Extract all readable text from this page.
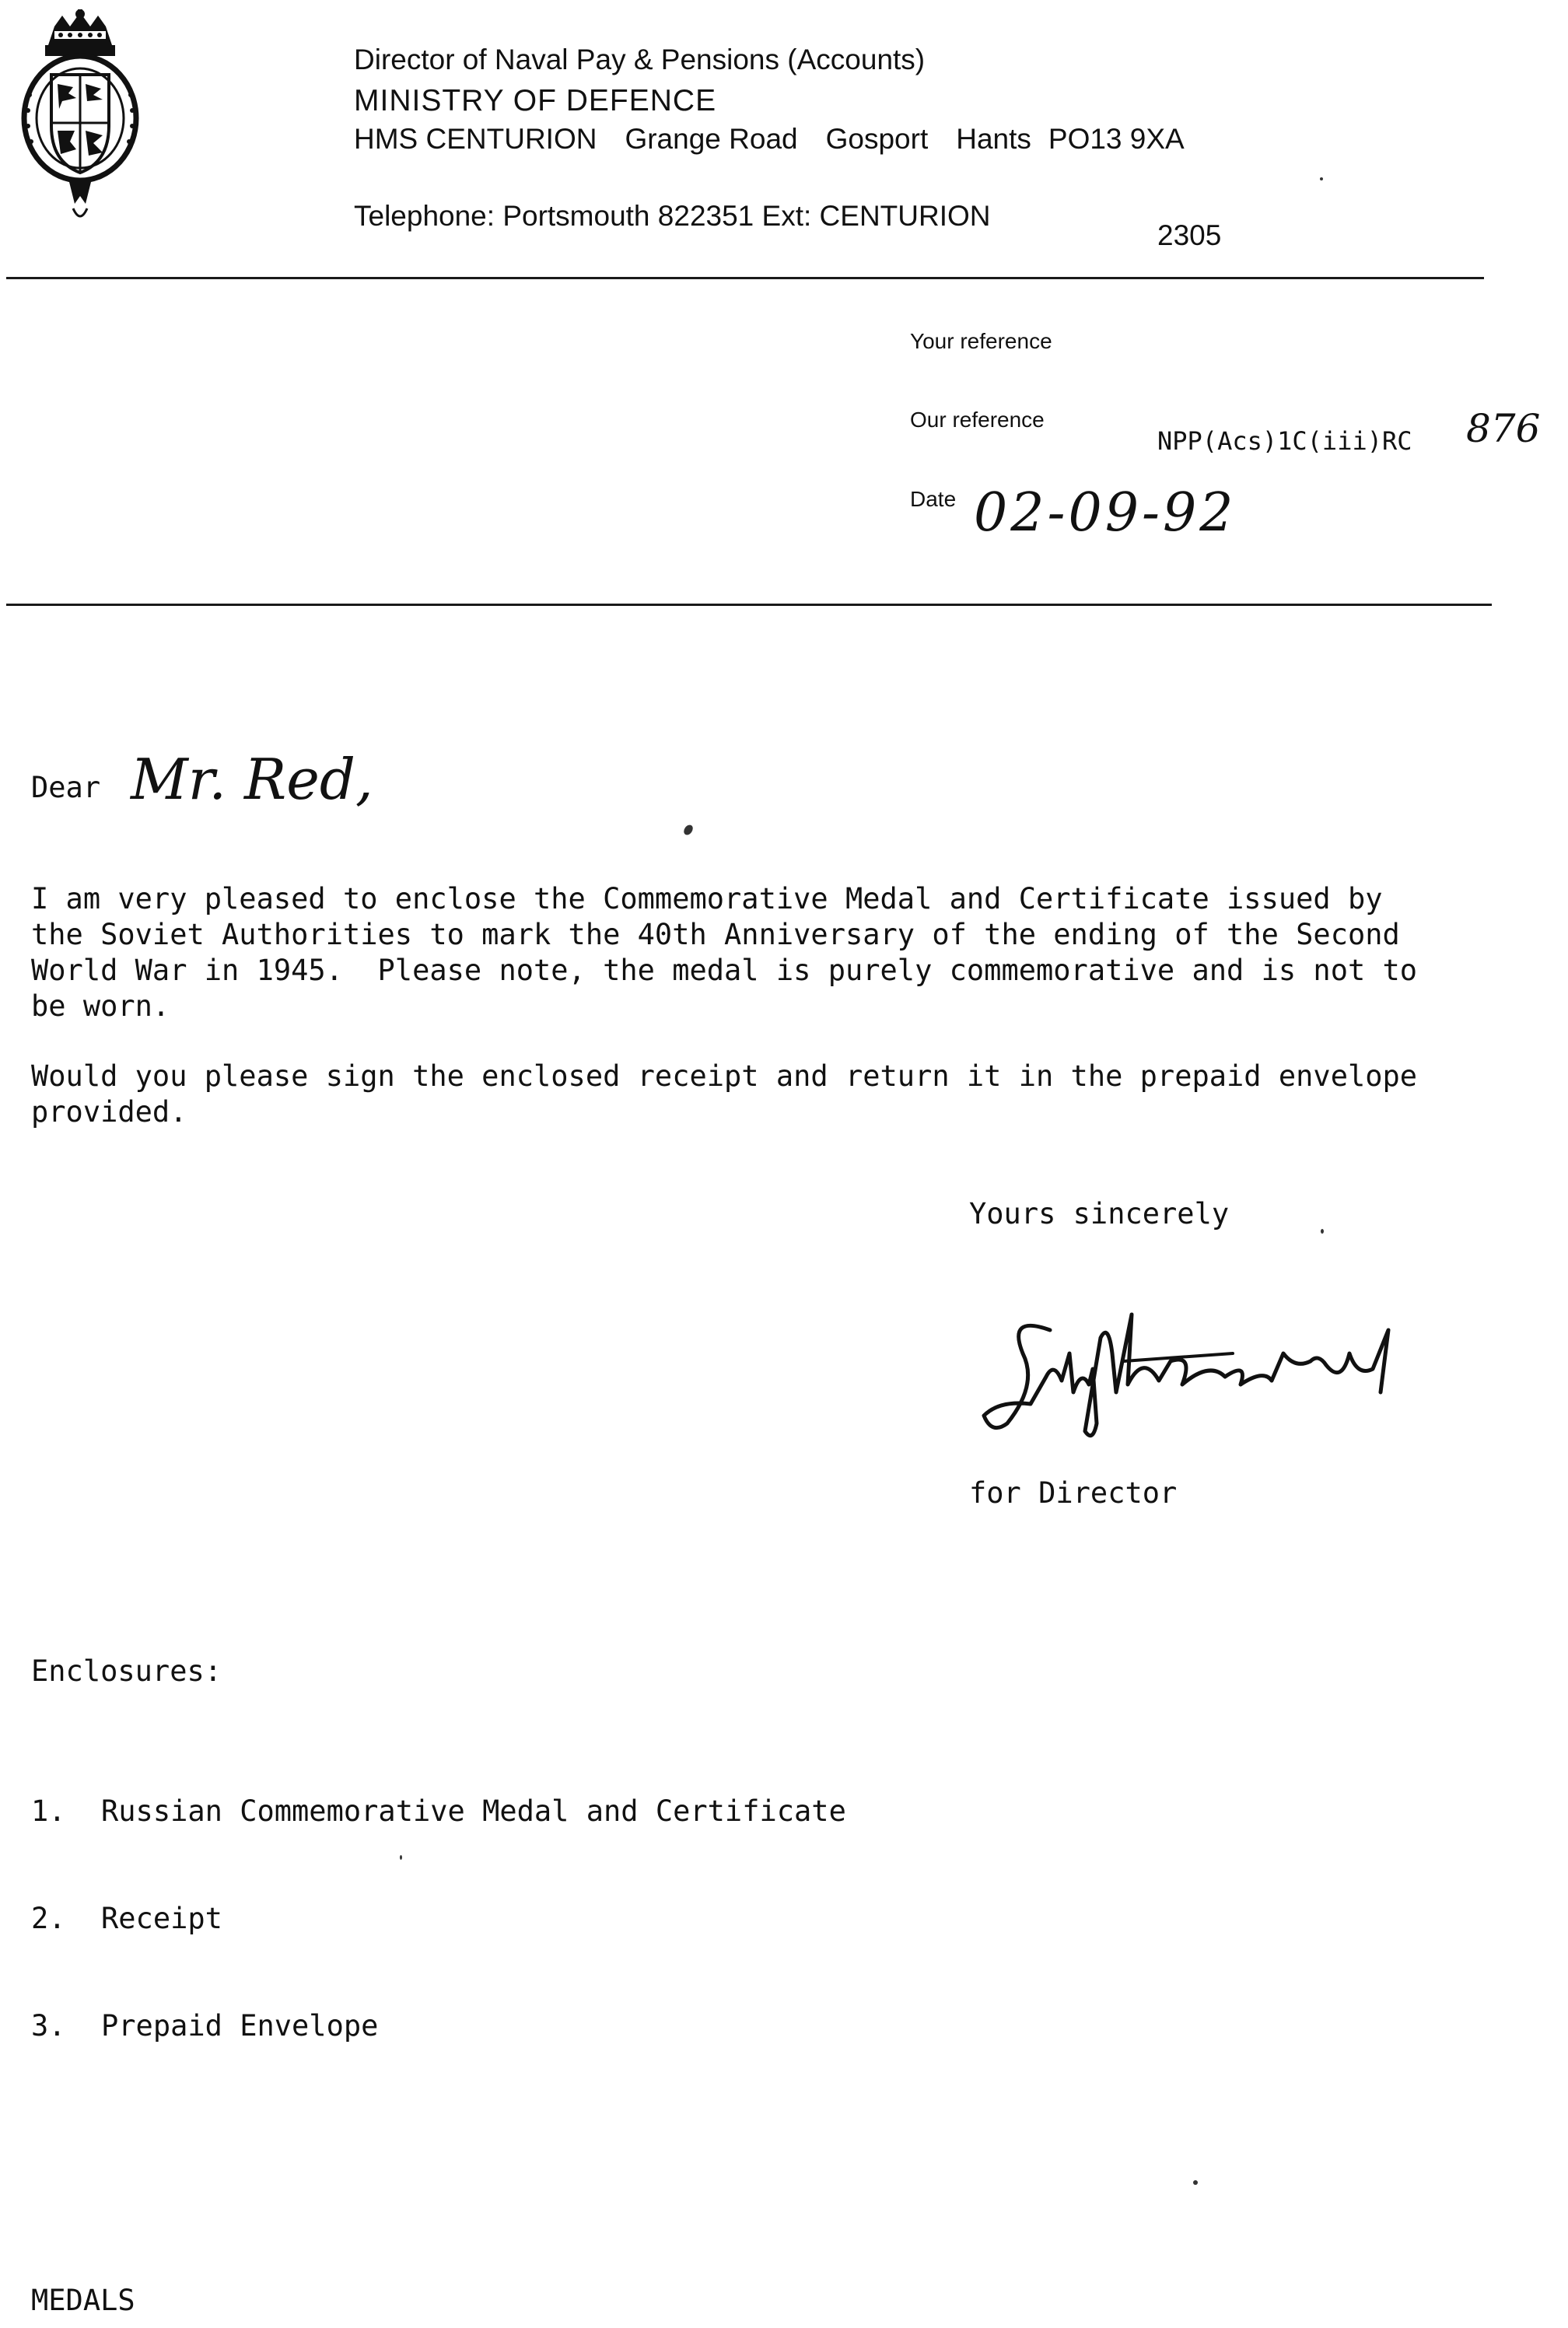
Director of Naval Pay & Pensions (Accounts)
MINISTRY OF DEFENCE
HMS CENTURION Grange Road Gosport Hants PO13 9XA
Telephone: Portsmouth 822351 Ext: CENTURION
2305
Your reference
Our reference
NPP(Acs)1C(iii)RC 876
Date 02-09-92
Dear Mr. Red,
I am very pleased to enclose the Commemorative Medal and Certificate issued by
the Soviet Authorities to mark the 40th Anniversary of the ending of the Second
World War in 1945.  Please note, the medal is purely commemorative and is not to
be worn.
Would you please sign the enclosed receipt and return it in the prepaid envelope
provided.
Yours sincerely
for Director
Enclosures:

1. Russian Commemorative Medal and Certificate

2. Receipt

3. Prepaid Envelope

MEDALS
